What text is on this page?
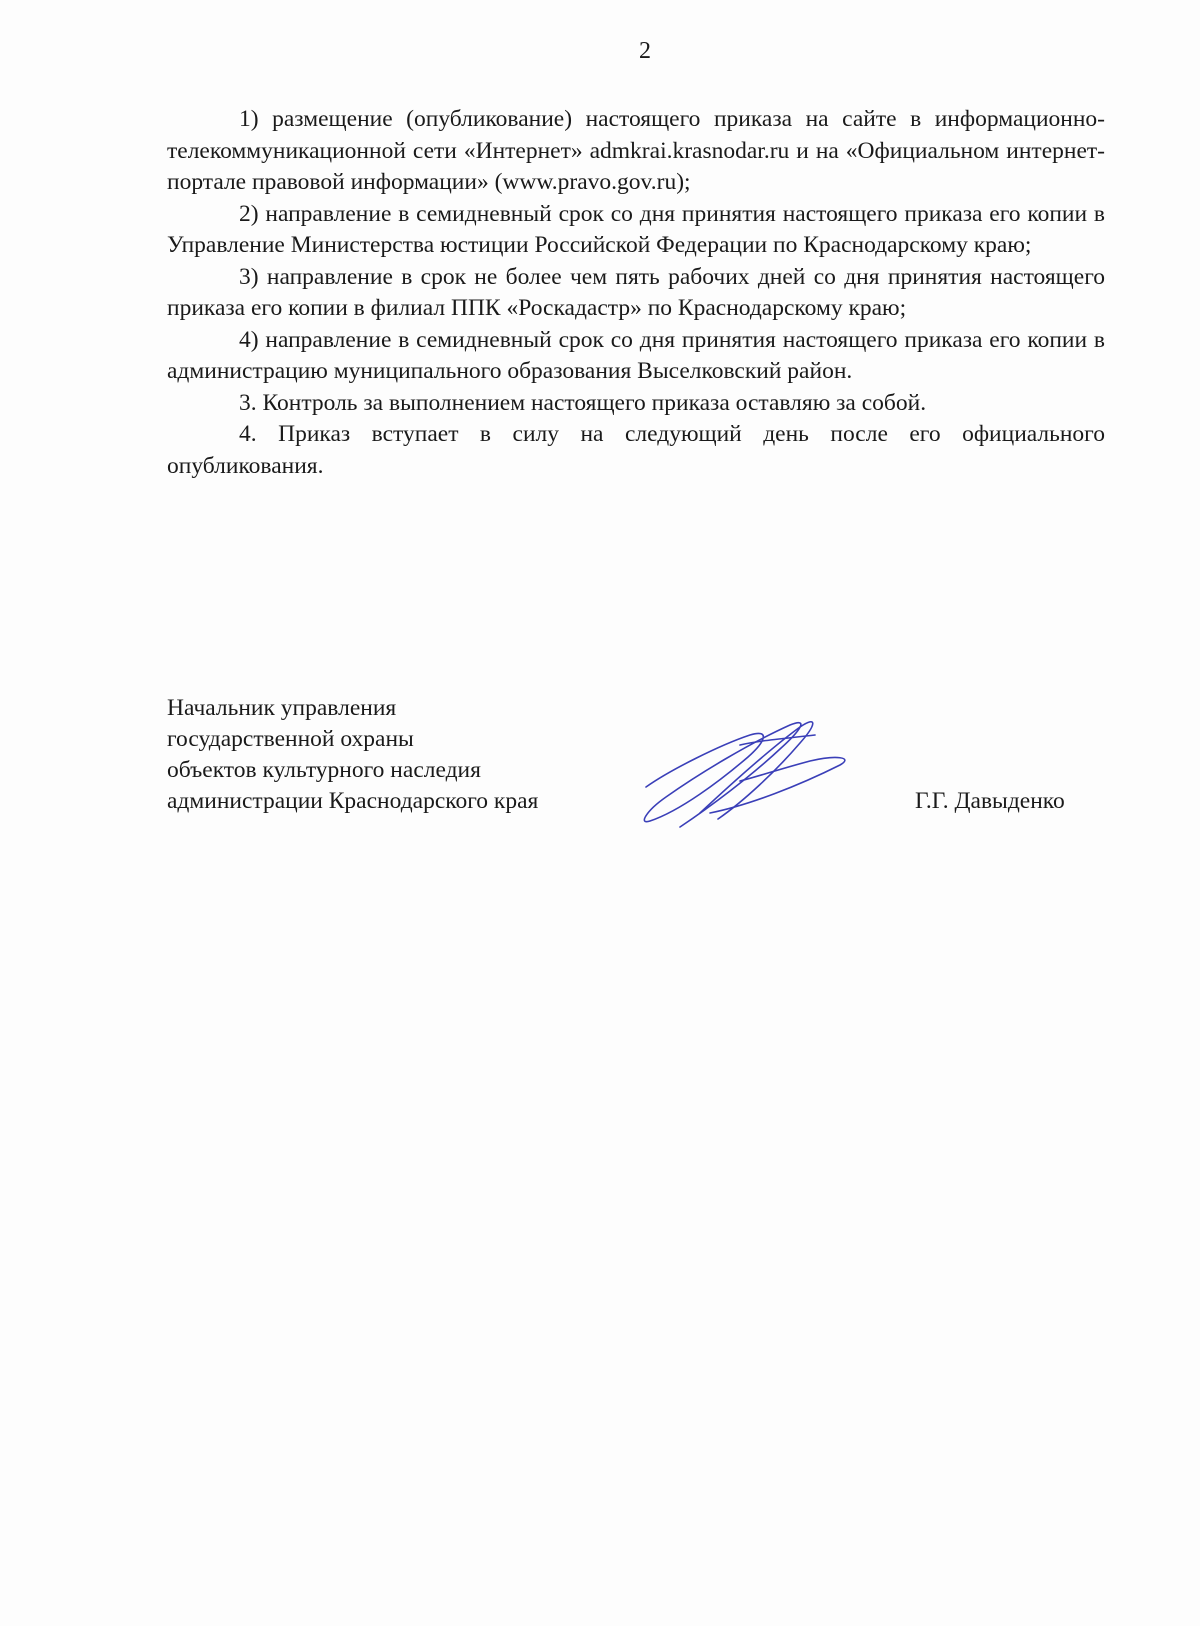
2

1) размещение (опубликование) настоящего приказа на сайте в информационно-телекоммуникационной сети «Интернет» admkrai.krasnodar.ru и на «Официальном интернет-портале правовой информации» (www.pravo.gov.ru);

2) направление в семидневный срок со дня принятия настоящего приказа его копии в Управление Министерства юстиции Российской Федерации по Краснодарскому краю;

3) направление в срок не более чем пять рабочих дней со дня принятия настоящего приказа его копии в филиал ППК «Роскадастр» по Краснодарскому краю;

4) направление в семидневный срок со дня принятия настоящего приказа его копии в администрацию муниципального образования Выселковский район.

3. Контроль за выполнением настоящего приказа оставляю за собой.

4. Приказ вступает в силу на следующий день после его официального опубликования.

Начальник управления
государственной охраны
объектов культурного наследия
администрации Краснодарского края	Г.Г. Давыденко
